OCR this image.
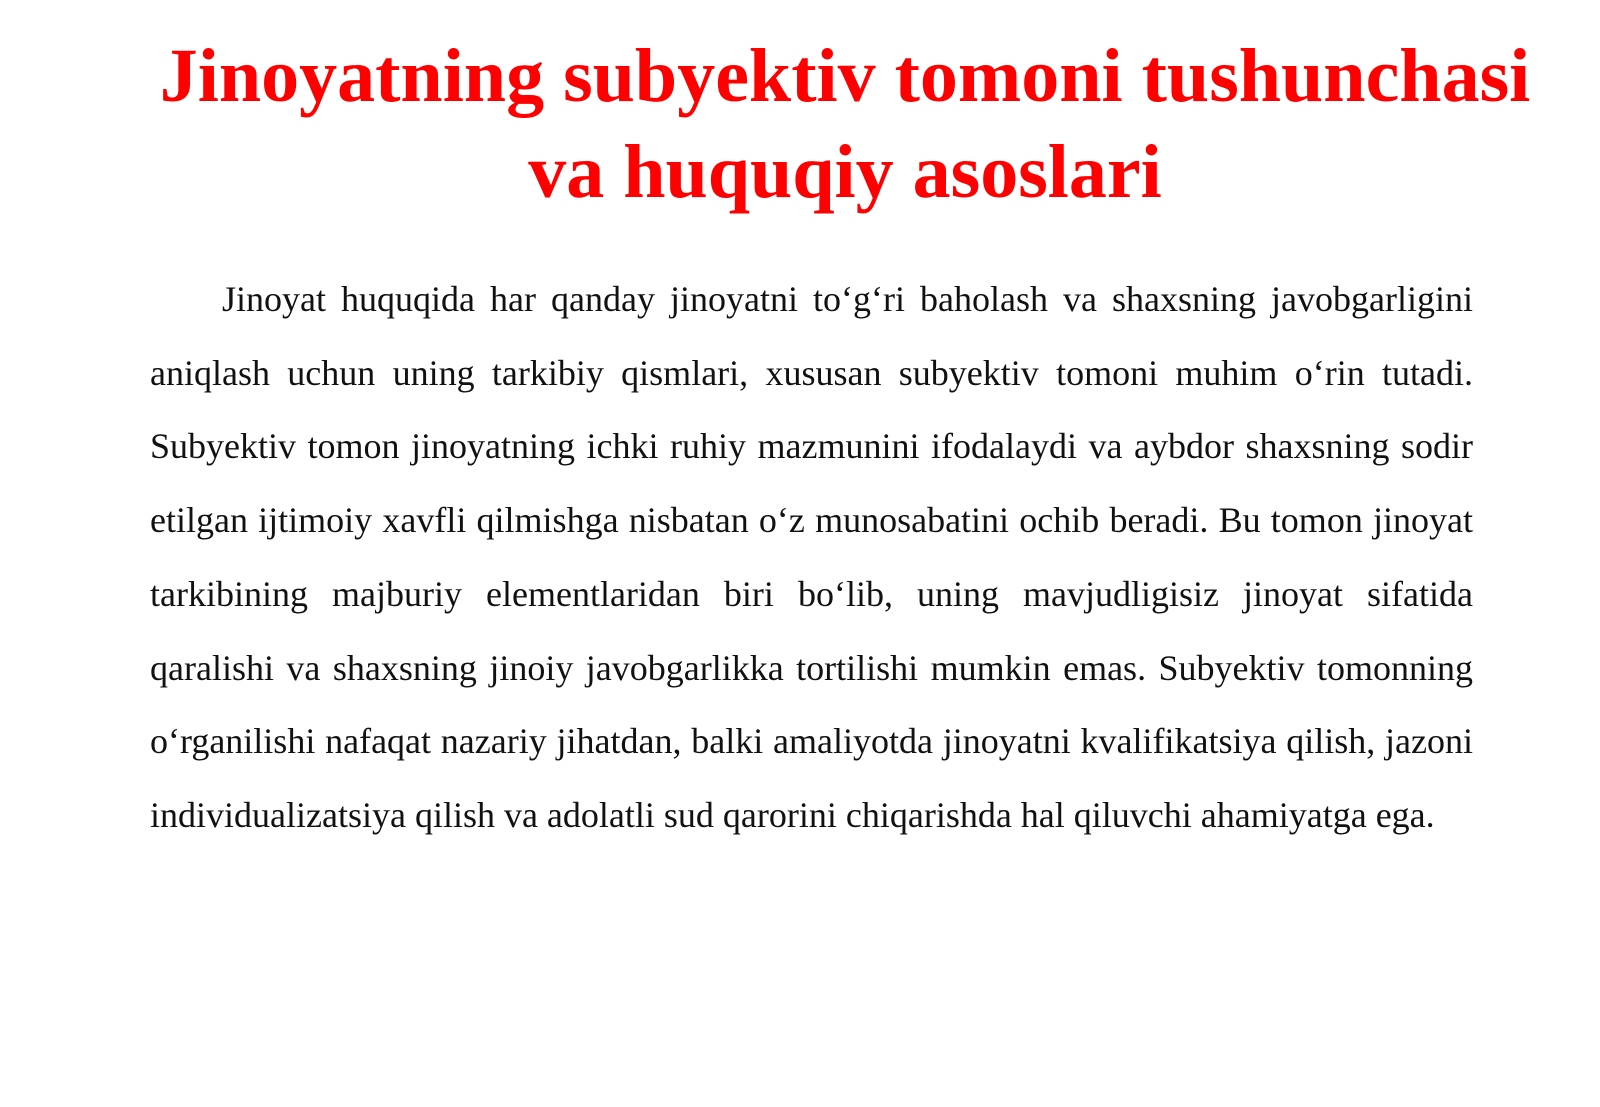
Jinoyatning subyektiv tomoni tushunchasi va huquqiy asoslari

Jinoyat huquqida har qanday jinoyatni to‘g‘ri baholash va shaxsning javobgarligini aniqlash uchun uning tarkibiy qismlari, xususan subyektiv tomoni muhim o‘rin tutadi. Subyektiv tomon jinoyatning ichki ruhiy mazmunini ifodalaydi va aybdor shaxsning sodir etilgan ijtimoiy xavfli qilmishga nisbatan o‘z munosabatini ochib beradi. Bu tomon jinoyat tarkibining majburiy elementlaridan biri bo‘lib, uning mavjudligisiz jinoyat sifatida qaralishi va shaxsning jinoiy javobgarlikka tortilishi mumkin emas. Subyektiv tomonning o‘rganilishi nafaqat nazariy jihatdan, balki amaliyotda jinoyatni kvalifikatsiya qilish, jazoni individualizatsiya qilish va adolatli sud qarorini chiqarishda hal qiluvchi ahamiyatga ega.
